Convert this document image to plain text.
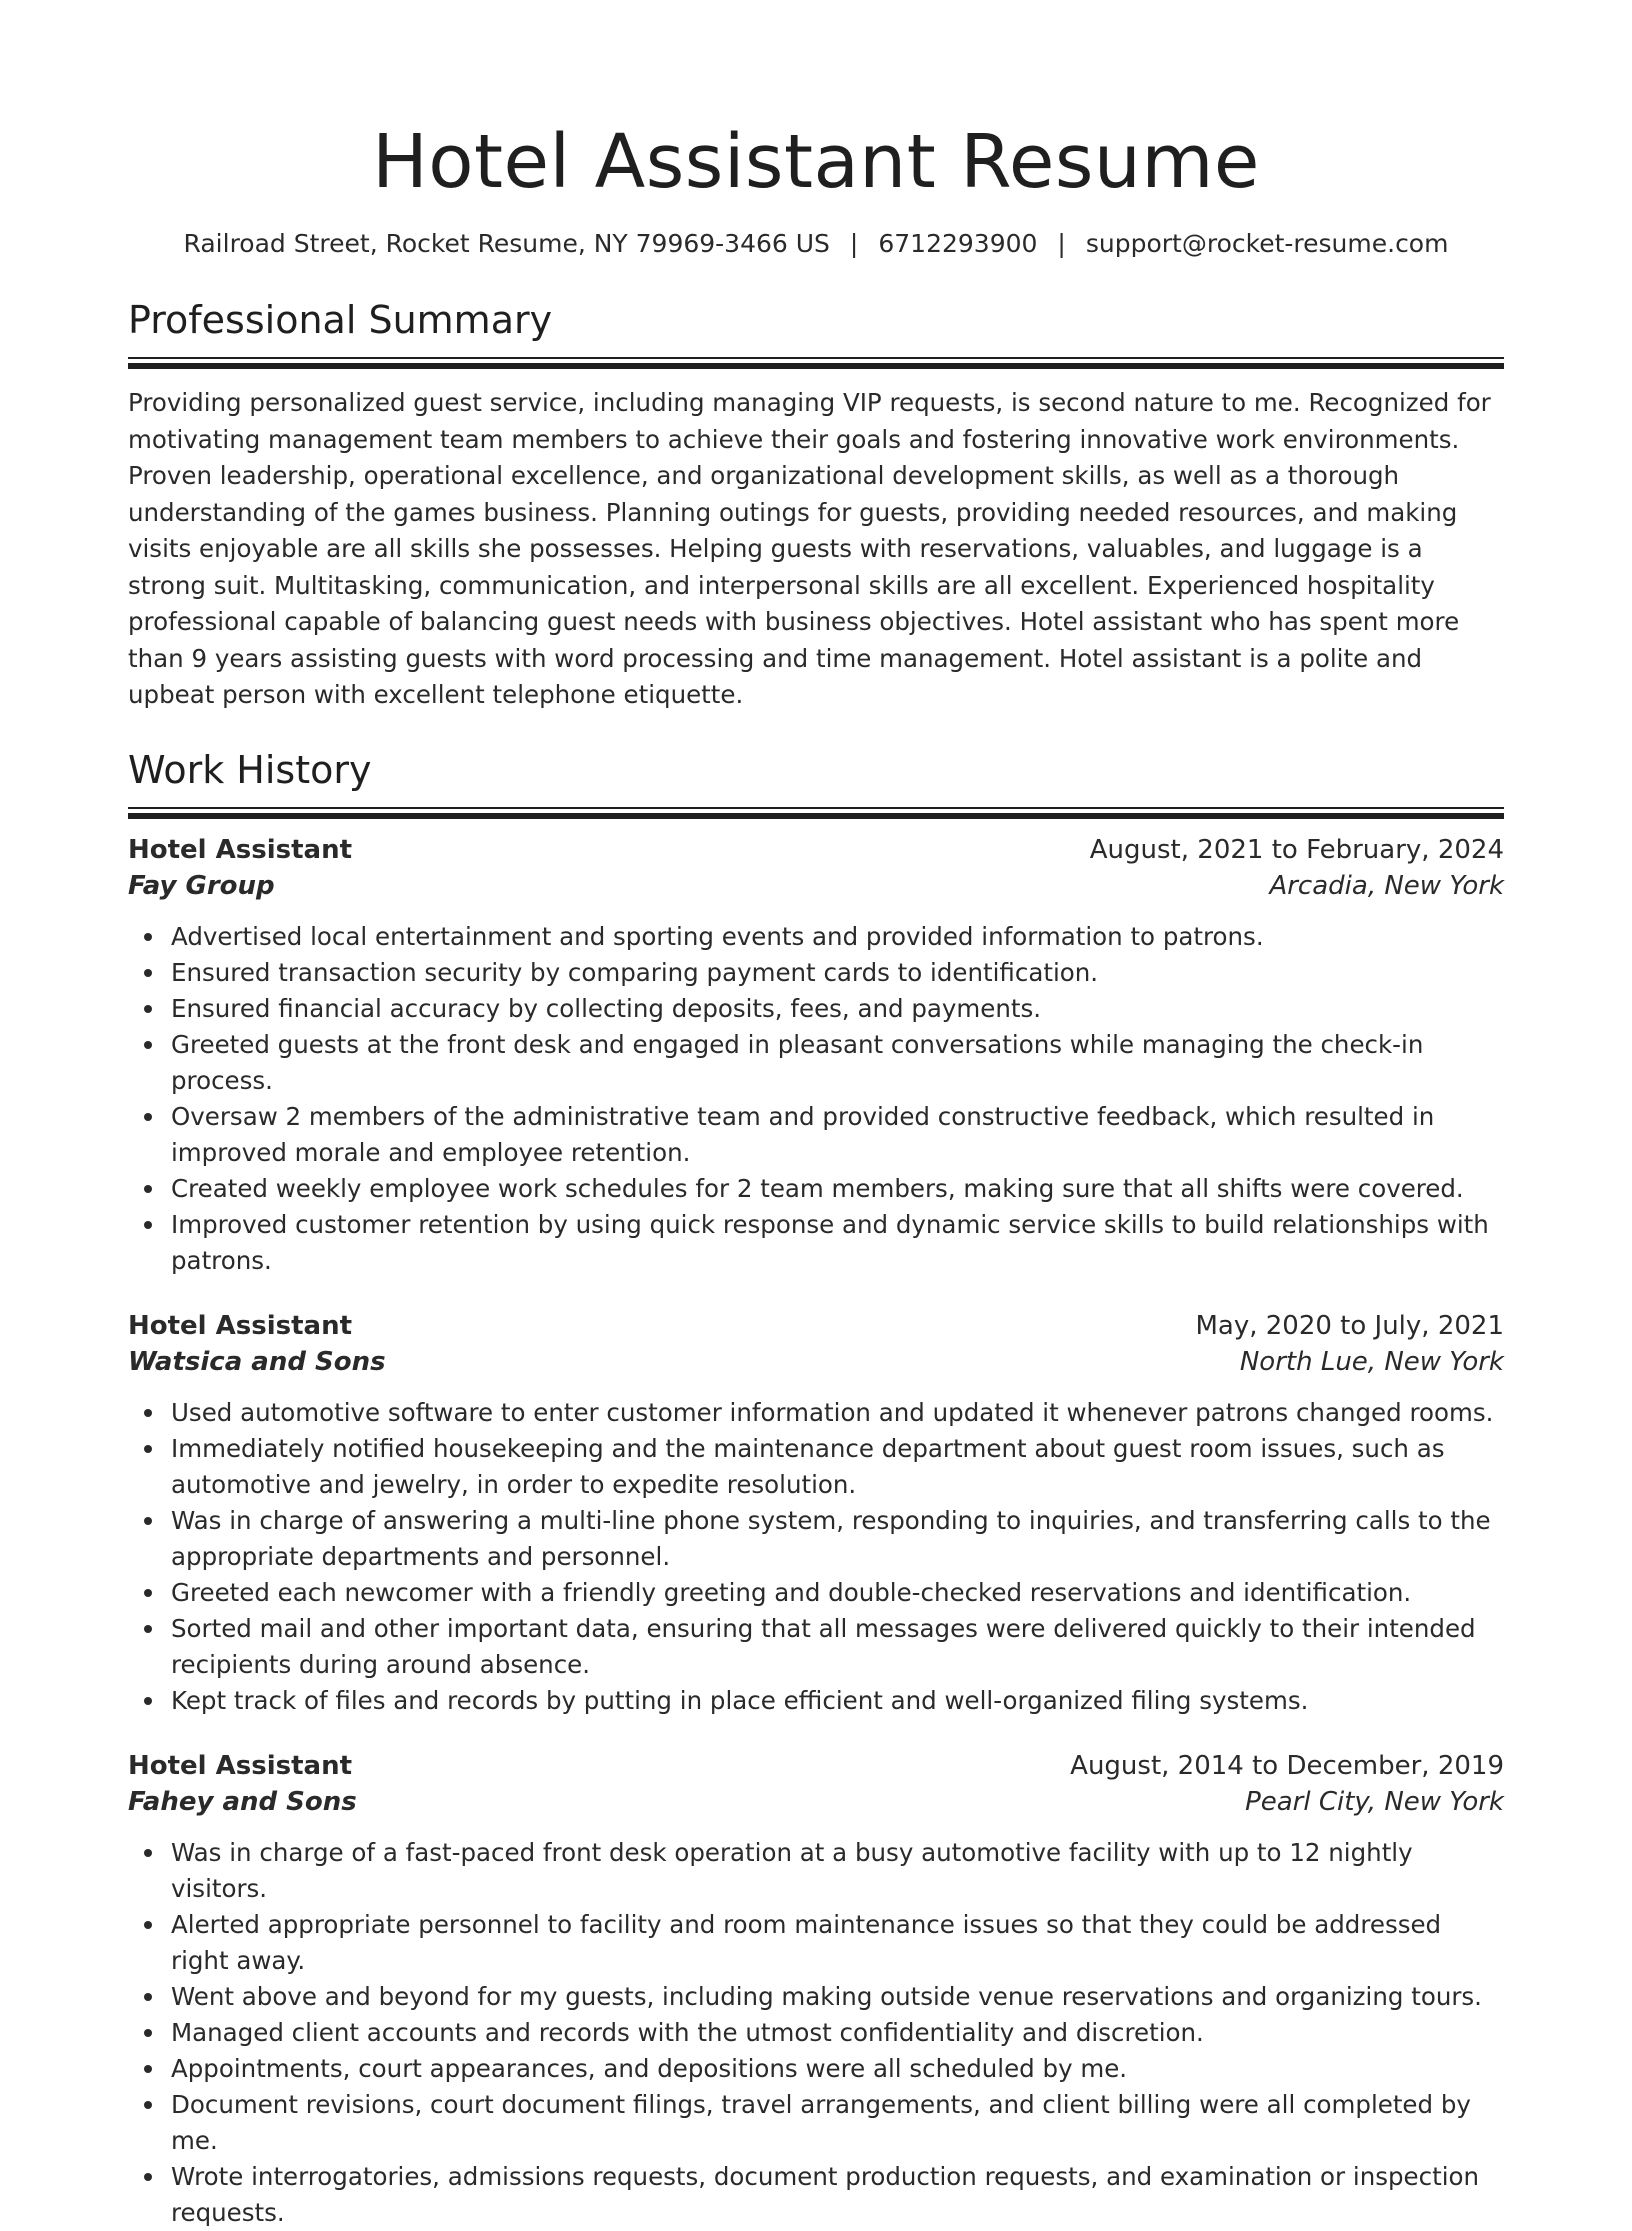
Hotel Assistant Resume
Railroad Street, Rocket Resume, NY 79969-3466 US | 6712293900 | support@rocket-resume.com
Professional Summary

Providing personalized guest service, including managing VIP requests, is second nature to me. Recognized for motivating management team members to achieve their goals and fostering innovative work environments. Proven leadership, operational excellence, and organizational development skills, as well as a thorough understanding of the games business. Planning outings for guests, providing needed resources, and making visits enjoyable are all skills she possesses. Helping guests with reservations, valuables, and luggage is a strong suit. Multitasking, communication, and interpersonal skills are all excellent. Experienced hospitality professional capable of balancing guest needs with business objectives. Hotel assistant who has spent more than 9 years assisting guests with word processing and time management. Hotel assistant is a polite and upbeat person with excellent telephone etiquette.

Work History
Hotel Assistant	August, 2021 to February, 2024
Fay Group	Arcadia, New York
Advertised local entertainment and sporting events and provided information to patrons.
Ensured transaction security by comparing payment cards to identification.
Ensured financial accuracy by collecting deposits, fees, and payments.
Greeted guests at the front desk and engaged in pleasant conversations while managing the check-in process.
Oversaw 2 members of the administrative team and provided constructive feedback, which resulted in improved morale and employee retention.
Created weekly employee work schedules for 2 team members, making sure that all shifts were covered.
Improved customer retention by using quick response and dynamic service skills to build relationships with patrons.
Hotel Assistant	May, 2020 to July, 2021
Watsica and Sons	North Lue, New York
Used automotive software to enter customer information and updated it whenever patrons changed rooms.
Immediately notified housekeeping and the maintenance department about guest room issues, such as automotive and jewelry, in order to expedite resolution.
Was in charge of answering a multi-line phone system, responding to inquiries, and transferring calls to the appropriate departments and personnel.
Greeted each newcomer with a friendly greeting and double-checked reservations and identification.
Sorted mail and other important data, ensuring that all messages were delivered quickly to their intended recipients during around absence.
Kept track of files and records by putting in place efficient and well-organized filing systems.
Hotel Assistant	August, 2014 to December, 2019
Fahey and Sons	Pearl City, New York
Was in charge of a fast-paced front desk operation at a busy automotive facility with up to 12 nightly visitors.
Alerted appropriate personnel to facility and room maintenance issues so that they could be addressed right away.
Went above and beyond for my guests, including making outside venue reservations and organizing tours.
Managed client accounts and records with the utmost confidentiality and discretion.
Appointments, court appearances, and depositions were all scheduled by me.
Document revisions, court document filings, travel arrangements, and client billing were all completed by me.
Wrote interrogatories, admissions requests, document production requests, and examination or inspection requests.
